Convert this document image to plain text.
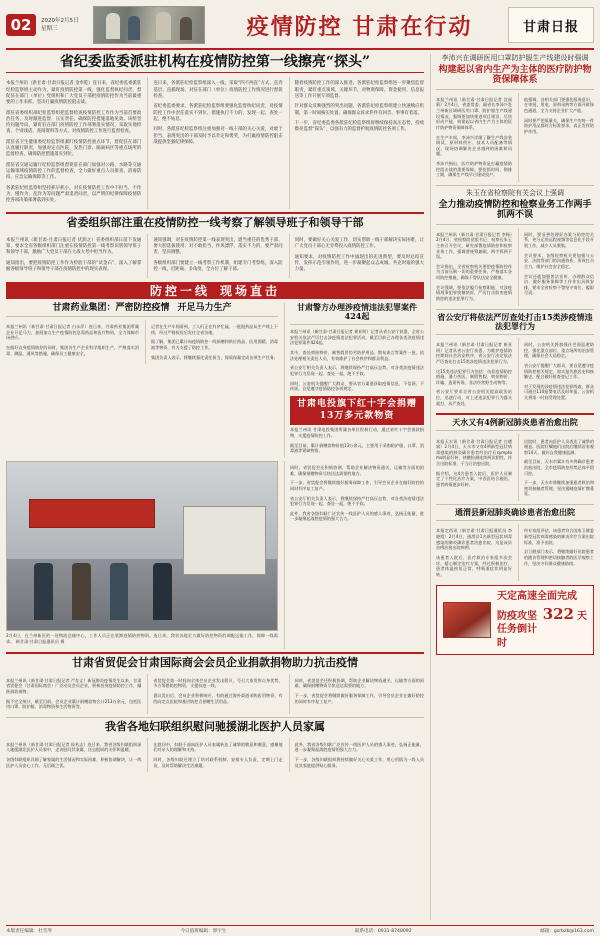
02	2020年2月5日
星期三	疫情防控 甘肃在行动	甘肃日报
省纪委监委派驻机构在疫情防控第一线擦亮“探头”

本报兰州讯（新甘肃·甘肃日报记者 金奉乾）连日来，省纪委监委派驻纪检监察组主动作为，紧盯疫情防控第一线，强化监督执纪问责，督促驻在部门（单位）党组织和广大党员干部把疫情防控作为当前最重要的工作来抓，坚决打赢疫情防控阻击战。

派驻省委组织部纪检监察组把监督检查疫情防控工作作为当前首要政治任务，及时跟进监督，压实责任，确保防控措施落地见效。该组坚持问题导向，紧盯驻在部门疫情防控工作部署落实情况，采取实地检查、个别谈话、查阅资料等方式，对疫情防控工作进行监督检查。

派驻省卫生健康委纪检监察组紧盯疫情防控重点环节，督促驻在部门认真履行职责，加强对定点医院、发热门诊、隔离病区等重点场所的监督检查，确保防控措施落实到位。

派驻省交通运输厅纪检监察组督促驻在部门加强对公路、水路等交通运输领域疫情防控工作的监督检查，全力做好重点人员排查、消毒防疫、应急运输保障等工作。

各派驻纪检监察组坚持抓早抓小，对在疫情防控工作中不担当、不作为、慢作为、乱作为等问题严肃追责问责，以严明的纪律保障疫情防控各项决策部署落到实处。

连日来，各派驻纪检监察组深入一线，采取“四不两直”方式，直奔基层、直插现场，对驻在部门（单位）疫情防控工作情况进行督促检查。

省纪委监委要求，各派驻纪检监察组要强化监督执纪问责，对疫情防控工作中责任落实不到位、措施执行不力的，发现一起、查处一起，绝不姑息。

同时，各派驻纪检监察组注重加强对一线干部的关心关爱，对敢于担当、表现突出的干部及时予以肯定和褒奖，为打赢疫情防控阻击战提供坚强纪律保障。

随着疫情防控工作的深入推进，各派驻纪检监察组进一步聚焦监督职责，紧盯重点领域、关键环节，对物资保障、资金使用、信息报送等工作开展专项监督。

针对群众反映强烈的突出问题，各派驻纪检监察组建立快速响应机制，第一时间核实处置，确保群众诉求件件有回音、事事有着落。

下一步，省纪委监委各派驻纪检监察组将继续保持高压态势，持续擦亮监督“探头”，以强有力的监督护航疫情防控各项工作。

省委组织部注重在疫情防控一线考察了解领导班子和领导干部

本报兰州讯（新甘肃·甘肃日报记者 伏润之）省委组织部日前下发通知，要求全省各级组织部门注重在疫情防控第一线考察识别领导班子和领导干部，激励广大党员干部在大战大考中担当作为。

通知指出，要把疫情防控工作作为检验干部的“试金石”，深入了解掌握各级领导班子和领导干部在疫情防控中的现实表现。

通知强调，对在疫情防控第一线表现突出、堪当重任的优秀干部，要大胆选拔使用；对不敢担当、作风漂浮、落实不力的，要严肃问责、坚决调整。

各级组织部门要建立一线考察工作机制，组建专门考察组，深入防控一线，近距离、多角度、全方位了解干部。

同时，要做好关心关爱工作，切实帮助一线干部解决实际困难，让广大党员干部心无旁骛投入疫情防控工作。

通知要求，对疫情防控工作中涌现出的先进典型，要及时总结宣传，发挥示范引领作用，进一步凝聚起众志成城、共克时艰的强大力量。

防控一线 现场直击
甘肃药业集团：严密防控疫情 开足马力生产

本报兰州讯（新甘肃·甘肃日报记者 白永萍）连日来，甘肃药业集团所属企业开足马力，加班加点生产疫情防控急需药品和医疗物资，全力保障市场供应。

在做好自身疫情防控的同时，集团各生产企业科学组织生产，严格落实消毒、测温、通风等措施，确保员工健康安全。

记者在生产车间看到，工人们正在有序忙碌，一批批药品从生产线上下线，经过严格检验后发往全省各地。

据了解，集团已累计向疫情防控一线捐赠和供应药品、医用酒精、消毒液等物资，有力支援了防控工作。

集团负责人表示，将继续强化责任担当，保质保量完成各项生产任务。

甘肃警方办理涉疫情违法犯罪案件424起

本报兰州讯（新甘肃·甘肃日报记者 崔亚明）记者从省公安厅获悉，全省公安机关依法严厉打击涉疫情违法犯罪活动，截至目前已办理各类涉疫情违法犯罪案件424起。

其中，查处哄抬物价、制售假冒伪劣防护用品、散布谣言等案件一批，依法处理相关责任人员，有效维护了社会秩序和群众利益。

省公安厅相关负责人表示，将继续保持严打高压态势，对各类涉疫情违法犯罪行为发现一起、查处一起，绝不手软。

同时，公安机关提醒广大群众，要从官方渠道获取疫情信息，不信谣、不传谣，自觉遵守疫情防控各项规定。

甘肃电投旗下红十字会捐赠13万多元款物资

本报兰州讯 甘肃电投集团所属各单位积极行动，通过省红十字会捐款捐物，支援疫情防控工作。

截至目前，累计捐赠款物价值13万余元，主要用于采购防护服、口罩、消毒液等紧缺物资。

2月4日，在兰州新区的一处物流仓储中心，工作人员正在装卸疫情防控物资。连日来，我省各地全力做好防控物资的调配运输工作，保障一线需求。 新甘肃·甘肃日报通讯员 摄

同时，省贸促会还积极协调，帮助企业解决物资通关、运输等方面的困难，确保捐赠物资尽快送达需要的地方。

下一步，省贸促会将继续做好服务保障工作，引导会员企业在做好防控的同时有序复工复产。

省公安厅相关负责人表示，将继续保持严打高压态势，对各类涉疫情违法犯罪行为发现一起、查处一起，绝不手软。

此外，我省各级妇联广泛宣传一线医护人员的感人事迹，弘扬正能量，进一步凝聚起战胜疫情的强大合力。

甘肃省贸促会甘肃国际商会会员企业捐款捐物助力抗击疫情

本报兰州讯（新甘肃·甘肃日报记者 严存义）新冠肺炎疫情发生以来，甘肃省贸促会（甘肃国际商会）广泛动员会员企业，积极投身疫情防控工作，踊跃捐款捐物。

据不完全统计，截至目前，会员企业累计捐赠款物合计213万余元，包括医用口罩、防护服、消毒物资和生活物资等。

省贸促会第一时间向全体会员企业发出倡议，号召大家发挥自身优势，多方筹措防控物资，支援抗疫一线。

倡议发出后，会员企业积极响应，有的通过海外渠道采购医用物资，有的向定点医院和基层防控点捐赠生活用品。

同时，省贸促会还积极协调，帮助企业解决物资通关、运输等方面的困难，确保捐赠物资尽快送达需要的地方。

下一步，省贸促会将继续做好服务保障工作，引导会员企业在做好防控的同时有序复工复产。

我省各地妇联组织慰问驰援湖北医护人员家属

本报兰州讯（新甘肃·甘肃日报记者 侯若志）连日来，我省各级妇联组织深入驰援湖北医护人员家中，走访慰问其家属，送去组织的关怀和温暖。

各级妇联组织详细了解家属的生活情况和实际困难，积极协调解决，让一线医护人员安心工作、无后顾之忧。

在慰问中，妇联干部向医护人员家属转达了诚挚的敬意和谢意，感谢他们对亲人的理解和支持。

同时，各级妇联还建立了结对联系机制，安排专人负责，定期上门走访，及时帮助解决生活难题。

此外，我省各级妇联广泛宣传一线医护人员的感人事迹，弘扬正能量，进一步凝聚起战胜疫情的强大合力。

下一步，各级妇联组织将持续做好关心关爱工作，用心用情为一线人员及其家庭提供贴心服务。

李沛兴在调研医用口罩防护服生产线建设时强调
构建起以省内生产为主体的医疗防护物资保障体系

本报兰州讯（新甘肃·甘肃日报记者 沈丽莉）2月4日，省委常委、副省长李沛兴赴兰州新区调研医用口罩、防护服生产线建设情况，强调要加快推进项目建设，尽快形成产能，构建起以省内生产为主体的医疗防护物资保障体系。

在生产车间，李沛兴详细了解生产线安装调试、原材料供应、技术人员配备等情况，现场协调解决企业遇到的困难和问题。

李沛兴指出，医疗防护物资是打赢疫情防控阻击战的重要保障。要抢抓时间、倒排工期，确保生产线早日建成投产。

他强调，各相关部门要强化服务意识，在审批、用电、原料采购等方面开辟绿色通道，全力支持企业扩大产能。

同时要严把质量关，确保生产的每一件防护用品都符合标准要求，真正发挥防护作用。

朱玉在省检察院有关会议上强调
全力推动疫情防控和检察业务工作两手抓两不误

本报兰州讯（新甘肃·甘肃日报记者 李杨）2月4日，省检察院党组书记、检察长朱玉主持召开会议，研究部署疫情防控和检察业务工作，强调要统筹兼顾、两手抓两不误。

会议指出，全省检察机关要把疫情防控作为当前压倒一切的重要任务，严格落实各项防控措施，确保干警队伍安全健康。

会议强调，要依法履行检察职能，对涉疫情刑事犯罪快捕快诉，严厉打击妨害疫情防控的违法犯罪行为。

同时，要妥善处理好办案与防控的关系，充分运用远程视频等信息化手段开展工作，减少人员聚集。

会议要求，各级检察机关要加强与公安、法院等部门的沟通协作，形成打击合力，维护社会安全稳定。

会议还就加强普法宣传、办理群众信访、做好服务保障等工作作出具体安排，要求全省检察干警坚守岗位、履职尽责。

省公安厅将依法严厉查处打击15类涉疫情违法犯罪行为

本报兰州讯（新甘肃·甘肃日报记者 崔亚明）记者从省公安厅获悉，为维护疫情防控期间社会治安秩序，省公安厅决定依法严厉查处打击15类涉疫情违法犯罪行为。

这15类违法犯罪行为包括：抗拒疫情防控措施、暴力伤医、制假售假、哄抬物价、诈骗、造谣传谣、非法经营野生动物等。

省公安厅要求全省公安机关提高政治站位，迅速行动，对上述违法犯罪行为露头就打、从严查处。

同时，公安机关将加强社会面巡逻防控，强化重点部位、重点场所的治安管理，确保社会大局稳定。

省公安厅提醒广大群众，要自觉遵守疫情防控相关规定，如实报告旅居史和接触史，配合做好排查登记工作。

对于发现的涉疫情违法犯罪线索，群众可通过110报警电话及时举报，公安机关将第一时间受理处置。

天水又有4例新冠肺炎患者治愈出院

本报天水讯（新甘肃·甘肃日报记者 白德斌）2月4日，天水市又有4例新型冠状病毒感染的肺炎确诊患者经治疗后symptoms明显好转，核酸检测连续两次阴性，符合出院标准，于当日治愈出院。

据介绍，这4名患者入院后，医护人员制定了个性化治疗方案，中西医结合施治，患者病情逐步好转。

出院时，患者向医护人员表达了诚挚的谢意。医院叮嘱他们出院后继续居家观察14天，做好自我健康监测。

截至目前，天水市累计有多例确诊患者治愈出院，全市疫情防控形势总体平稳可控。

下一步，天水市将继续加强患者救治和密切接触者管理，坚决遏制疫情扩散蔓延。

通渭县新冠肺炎确诊患者治愈出院

本报定西讯（新甘肃·甘肃日报通讯员 李晓霞）2月4日，通渭县1名新型冠状病毒感染的肺炎确诊患者治愈出院，这是该县首例治愈出院病例。

该患者入院后，医疗救治专家组多次会诊，精心制定治疗方案，经过积极治疗，患者体温恢复正常，呼吸道症状明显好转。

经专家组评估，该患者符合国家卫健委新型冠状病毒感染的肺炎诊疗方案出院标准，准予出院。

县卫健部门表示，将继续做好出院患者的随访管理和密切接触者的医学观察工作，坚决守好群众健康防线。

天定高速全面完成
防疫攻坚任务倒计时
322 天
本版责任编辑：杜雪琴	今日值班编辑：郭宇生	联系电话：0931-8748092	邮箱：gsrbzb@163.com
